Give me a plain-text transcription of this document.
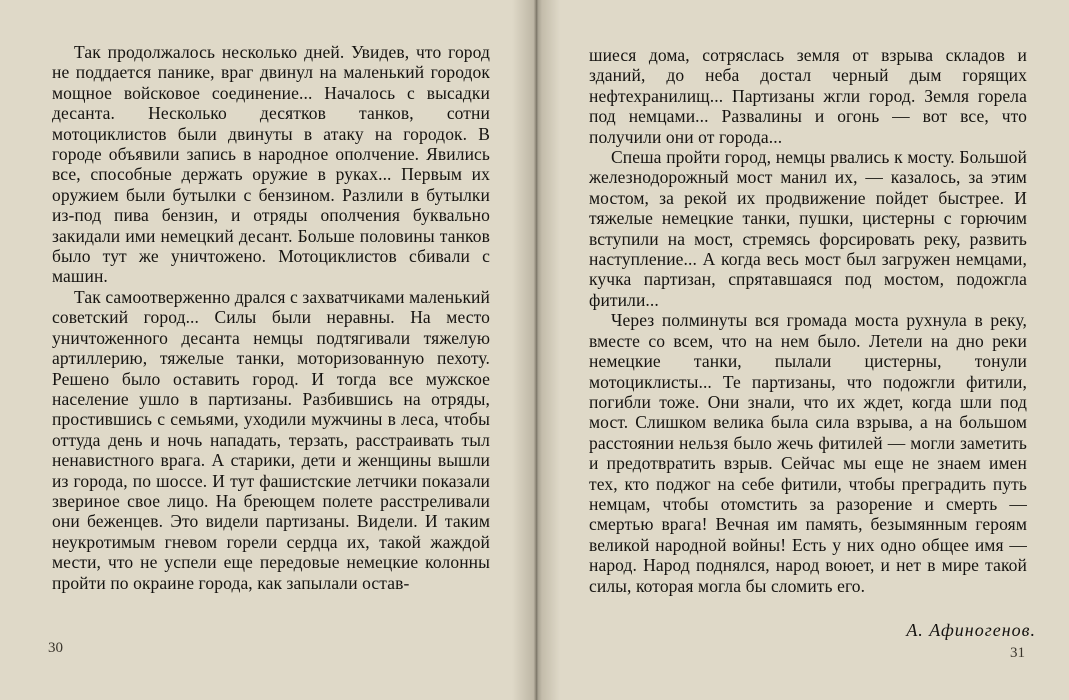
Так продолжалось несколько дней. Увидев, что город не поддается панике, враг двинул на маленький городок мощное войсковое соединение... Началось с высадки десанта. Несколько десятков танков, сотни мотоциклистов были двинуты в атаку на городок. В городе объявили запись в народное ополчение. Явились все, способные держать оружие в руках... Первым их оружием были бутылки с бензином. Разлили в бутылки из-под пива бензин, и отряды ополчения буквально закидали ими немецкий десант. Больше половины танков было тут же уничтожено. Мотоциклистов сбивали с машин.

Так самоотверженно дрался с захватчиками маленький советский город... Силы были неравны. На место уничтоженного десанта немцы подтягивали тяжелую артиллерию, тяжелые танки, моторизованную пехоту. Решено было оставить город. И тогда все мужское население ушло в партизаны. Разбившись на отряды, простившись с семьями, уходили мужчины в леса, чтобы оттуда день и ночь нападать, терзать, расстраивать тыл ненавистного врага. А старики, дети и женщины вышли из города, по шоссе. И тут фашистские летчики показали звериное свое лицо. На бреющем полете расстреливали они беженцев. Это видели партизаны. Видели. И таким неукротимым гневом горели сердца их, такой жаждой мести, что не успели еще передовые немецкие колонны пройти по окраине города, как запылали остав-

30

шиеся дома, сотряслась земля от взрыва складов и зданий, до неба достал черный дым горящих нефтехранилищ... Партизаны жгли город. Земля горела под немцами... Развалины и огонь — вот все, что получили они от города...

Спеша пройти город, немцы рвались к мосту. Большой железнодорожный мост манил их, — казалось, за этим мостом, за рекой их продвижение пойдет быстрее. И тяжелые немецкие танки, пушки, цистерны с горючим вступили на мост, стремясь форсировать реку, развить наступление... А когда весь мост был загружен немцами, кучка партизан, спрятавшаяся под мостом, подожгла фитили...

Через полминуты вся громада моста рухнула в реку, вместе со всем, что на нем было. Летели на дно реки немецкие танки, пылали цистерны, тонули мотоциклисты... Те партизаны, что подожгли фитили, погибли тоже. Они знали, что их ждет, когда шли под мост. Слишком велика была сила взрыва, а на большом расстоянии нельзя было жечь фитилей — могли заметить и предотвратить взрыв. Сейчас мы еще не знаем имен тех, кто поджог на себе фитили, чтобы преградить путь немцам, чтобы отомстить за разорение и смерть — смертью врага! Вечная им память, безымянным героям великой народной войны! Есть у них одно общее имя — народ. Народ поднялся, народ воюет, и нет в мире такой силы, которая могла бы сломить его.

А. Афиногенов.
31
